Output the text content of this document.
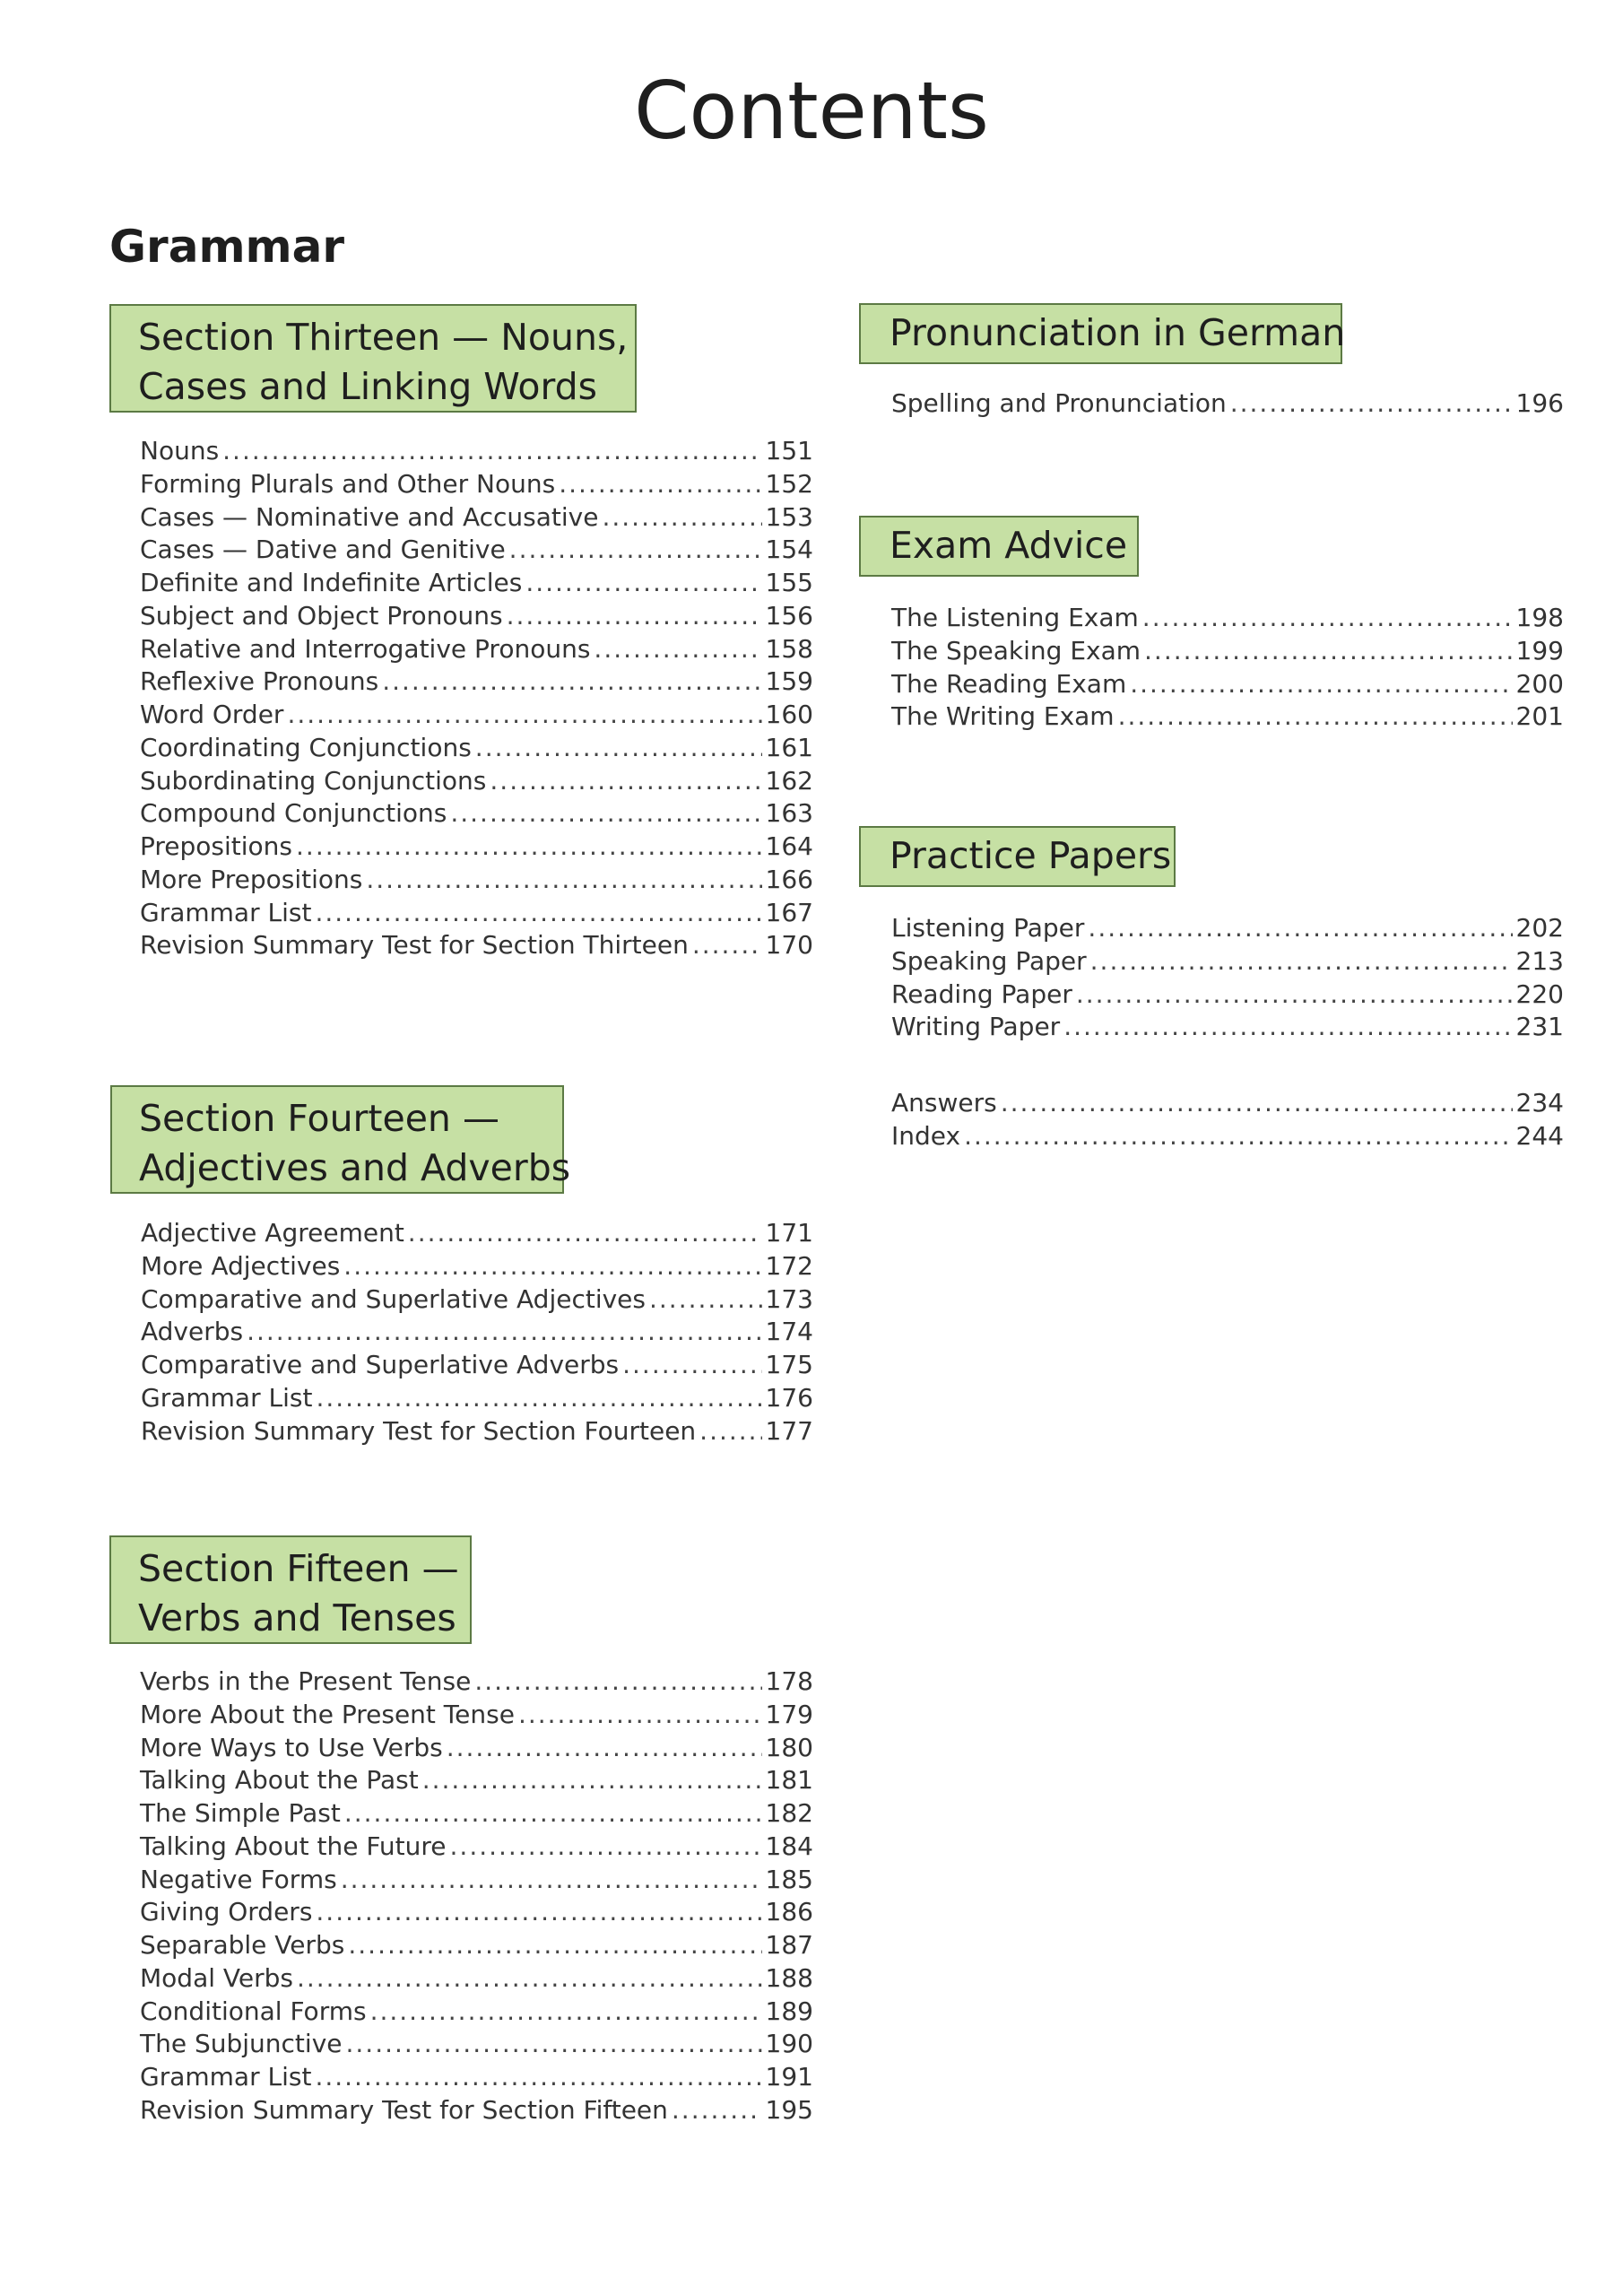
Contents
Grammar
Section Thirteen — Nouns,
Cases and Linking Words
Nouns .....	151
Forming Plurals and Other Nouns .....	152
Cases — Nominative and Accusative .....	153
Cases — Dative and Genitive .....	154
Definite and Indefinite Articles .....	155
Subject and Object Pronouns .....	156
Relative and Interrogative Pronouns .....	158
Reflexive Pronouns .....	159
Word Order .....	160
Coordinating Conjunctions .....	161
Subordinating Conjunctions .....	162
Compound Conjunctions .....	163
Prepositions .....	164
More Prepositions .....	166
Grammar List .....	167
Revision Summary Test for Section Thirteen .....	170
Section Fourteen —
Adjectives and Adverbs
Adjective Agreement .....	171
More Adjectives .....	172
Comparative and Superlative Adjectives .....	173
Adverbs .....	174
Comparative and Superlative Adverbs .....	175
Grammar List .....	176
Revision Summary Test for Section Fourteen .....	177
Section Fifteen —
Verbs and Tenses
Verbs in the Present Tense .....	178
More About the Present Tense .....	179
More Ways to Use Verbs .....	180
Talking About the Past .....	181
The Simple Past .....	182
Talking About the Future .....	184
Negative Forms .....	185
Giving Orders .....	186
Separable Verbs .....	187
Modal Verbs .....	188
Conditional Forms .....	189
The Subjunctive .....	190
Grammar List .....	191
Revision Summary Test for Section Fifteen .....	195
Pronunciation in German
Spelling and Pronunciation .....	196
Exam Advice
The Listening Exam .....	198
The Speaking Exam .....	199
The Reading Exam .....	200
The Writing Exam .....	201
Practice Papers
Listening Paper .....	202
Speaking Paper .....	213
Reading Paper .....	220
Writing Paper .....	231
Answers .....	234
Index .....	244
